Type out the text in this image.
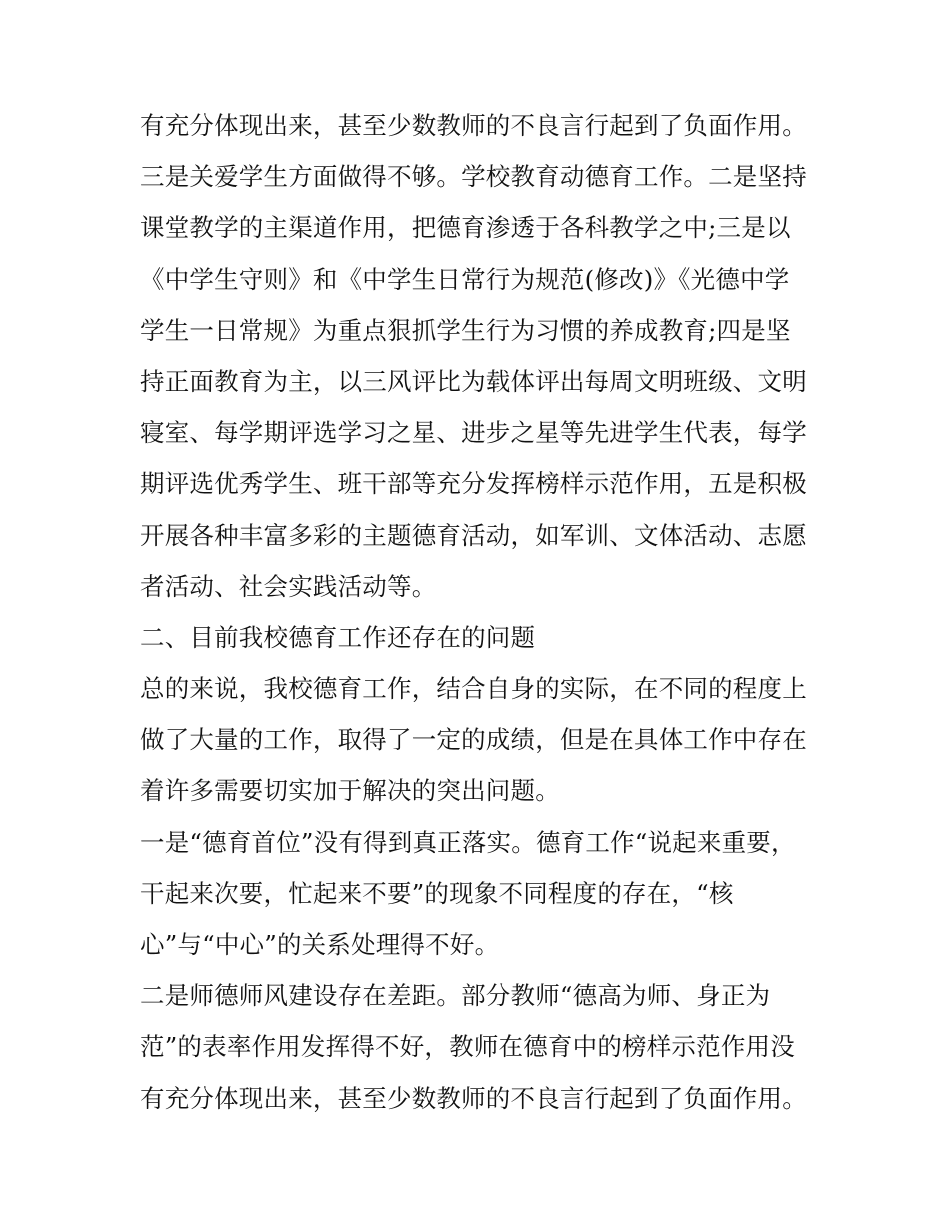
有充分体现出来，甚至少数教师的不良言行起到了负面作用。
三是关爱学生方面做得不够。学校教育动德育工作。二是坚持
课堂教学的主渠道作用，把德育渗透于各科教学之中;三是以
《中学生守则》和《中学生日常行为规范(修改)》《光德中学
学生一日常规》为重点狠抓学生行为习惯的养成教育;四是坚
持正面教育为主，以三风评比为载体评出每周文明班级、文明
寝室、每学期评选学习之星、进步之星等先进学生代表，每学
期评选优秀学生、班干部等充分发挥榜样示范作用，五是积极
开展各种丰富多彩的主题德育活动，如军训、文体活动、志愿
者活动、社会实践活动等。
二、目前我校德育工作还存在的问题
总的来说，我校德育工作，结合自身的实际，在不同的程度上
做了大量的工作，取得了一定的成绩，但是在具体工作中存在
着许多需要切实加于解决的突出问题。
一是“德育首位”没有得到真正落实。德育工作“说起来重要，
干起来次要，忙起来不要”的现象不同程度的存在，“核
心”与“中心”的关系处理得不好。
二是师德师风建设存在差距。部分教师“德高为师、身正为
范”的表率作用发挥得不好，教师在德育中的榜样示范作用没
有充分体现出来，甚至少数教师的不良言行起到了负面作用。
